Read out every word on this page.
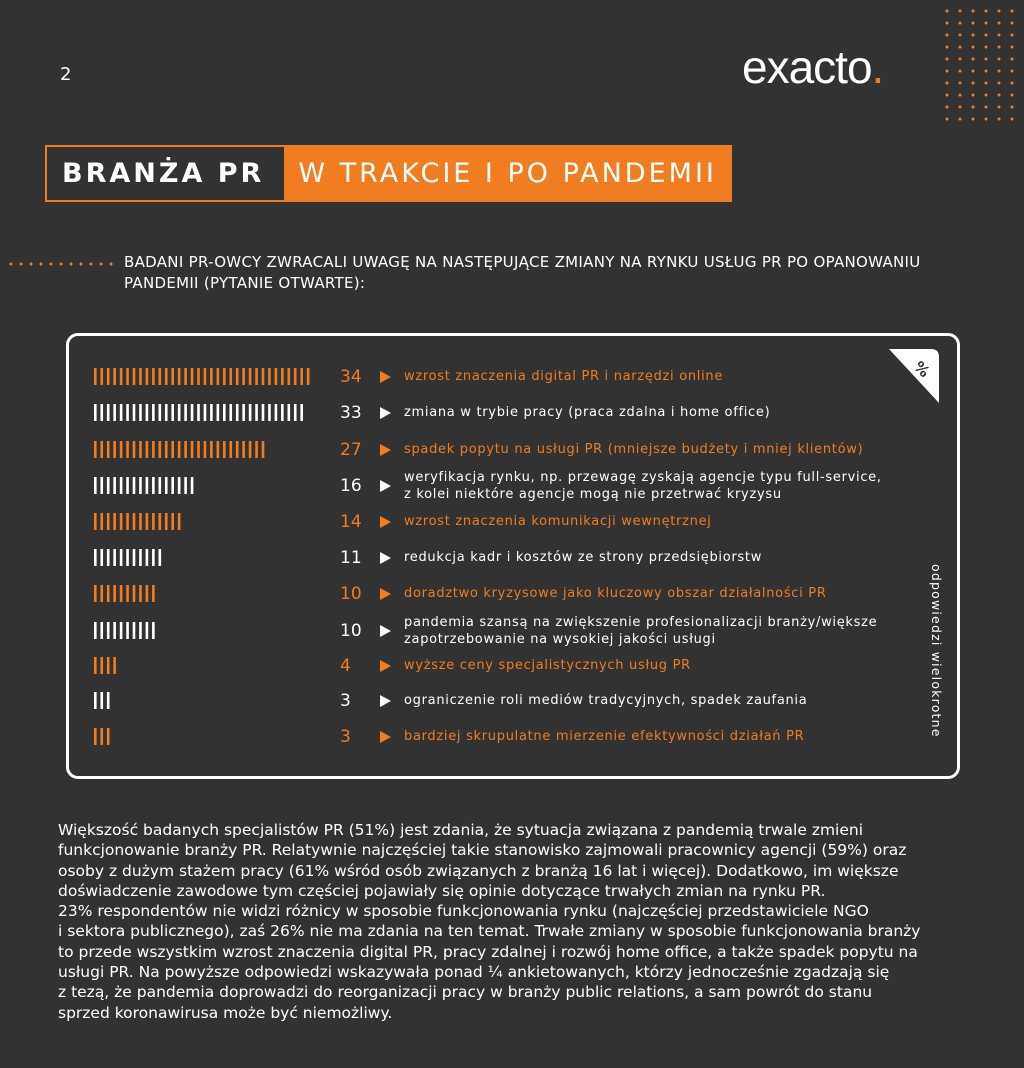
2	exacto.
BRANŻA PR	W TRAKCIE I PO PANDEMII
BADANI PR-OWCY ZWRACALI UWAGĘ NA NASTĘPUJĄCE ZMIANY NA RYNKU USŁUG PR PO OPANOWANIU PANDEMII (PYTANIE OTWARTE):
%
odpowiedzi wielokrotne
34	wzrost znaczenia digital PR i narzędzi online
33	zmiana w trybie pracy (praca zdalna i home office)
27	spadek popytu na usługi PR (mniejsze budżety i mniej klientów)
16	weryfikacja rynku, np. przewagę zyskają agencje typu full-service,
z kolei niektóre agencje mogą nie przetrwać kryzysu
14	wzrost znaczenia komunikacji wewnętrznej
11	redukcja kadr i kosztów ze strony przedsiębiorstw
10	doradztwo kryzysowe jako kluczowy obszar działalności PR
10	pandemia szansą na zwiększenie profesionalizacji branży/większe
zapotrzebowanie na wysokiej jakości usługi
4	wyższe ceny specjalistycznych usług PR
3	ograniczenie roli mediów tradycyjnych, spadek zaufania
3	bardziej skrupulatne mierzenie efektywności działań PR
Większość badanych specjalistów PR (51%) jest zdania, że sytuacja związana z pandemią trwale zmieni
funkcjonowanie branży PR. Relatywnie najczęściej takie stanowisko zajmowali pracownicy agencji (59%) oraz
osoby z dużym stażem pracy (61% wśród osób związanych z branżą 16 lat i więcej). Dodatkowo, im większe
doświadczenie zawodowe tym częściej pojawiały się opinie dotyczące trwałych zmian na rynku PR.
23% respondentów nie widzi różnicy w sposobie funkcjonowania rynku (najczęściej przedstawiciele NGO
i sektora publicznego), zaś 26% nie ma zdania na ten temat. Trwałe zmiany w sposobie funkcjonowania branży
to przede wszystkim wzrost znaczenia digital PR, pracy zdalnej i rozwój home office, a także spadek popytu na
usługi PR. Na powyższe odpowiedzi wskazywała ponad ¼ ankietowanych, którzy jednocześnie zgadzają się
z tezą, że pandemia doprowadzi do reorganizacji pracy w branży public relations, a sam powrót do stanu
sprzed koronawirusa może być niemożliwy.
